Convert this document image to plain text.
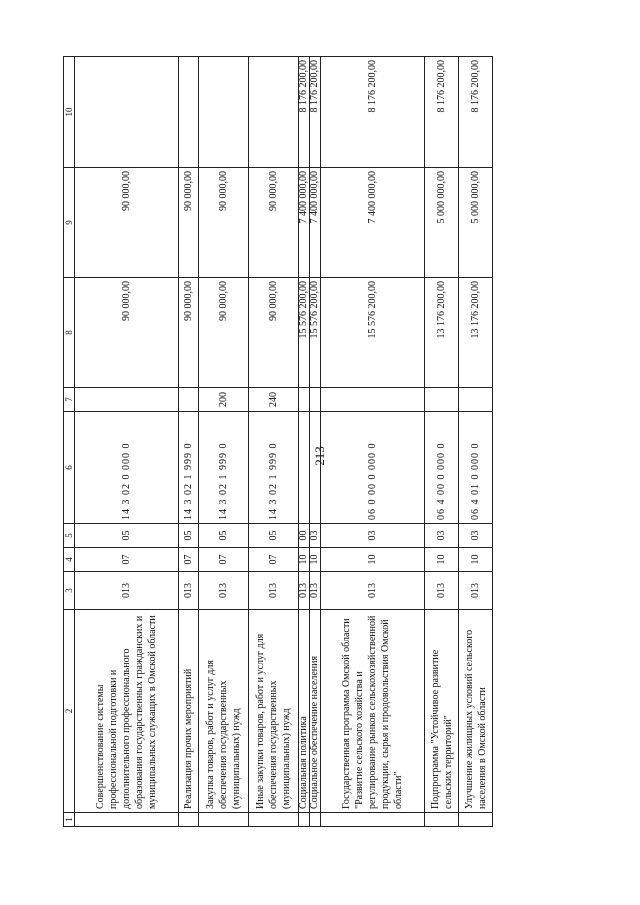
213
1	2	3	4	5	6	7	8	9	10
	Совершенствование системы профессиональной подготовки и дополнительного профессионального образования государственных гражданских и муниципальных служащих в Омской области	013	07	05	14 3 02 0 000 0		90 000,00	90 000,00	
	Реализация прочих мероприятий	013	07	05	14 3 02 1 999 0		90 000,00	90 000,00	
	Закупка товаров, работ и услуг для обеспечения государственных (муниципальных) нужд	013	07	05	14 3 02 1 999 0	200	90 000,00	90 000,00	
	Иные закупки товаров, работ и услуг для обеспечения государственных (муниципальных) нужд	013	07	05	14 3 02 1 999 0	240	90 000,00	90 000,00	
	Социальная политика	013	10	00			15 576 200,00	7 400 000,00	8 176 200,00
	Социальное обеспечение населения	013	10	03			15 576 200,00	7 400 000,00	8 176 200,00
	Государственная программа Омской области "Развитие сельского хозяйства и регулирование рынков сельскохозяйственной продукции, сырья и продовольствия Омской области"	013	10	03	06 0 00 0 000 0		15 576 200,00	7 400 000,00	8 176 200,00
	Подпрограмма "Устойчивое развитие сельских территорий"	013	10	03	06 4 00 0 000 0		13 176 200,00	5 000 000,00	8 176 200,00
	Улучшение жилищных условий сельского населения в Омской области	013	10	03	06 4 01 0 000 0		13 176 200,00	5 000 000,00	8 176 200,00
